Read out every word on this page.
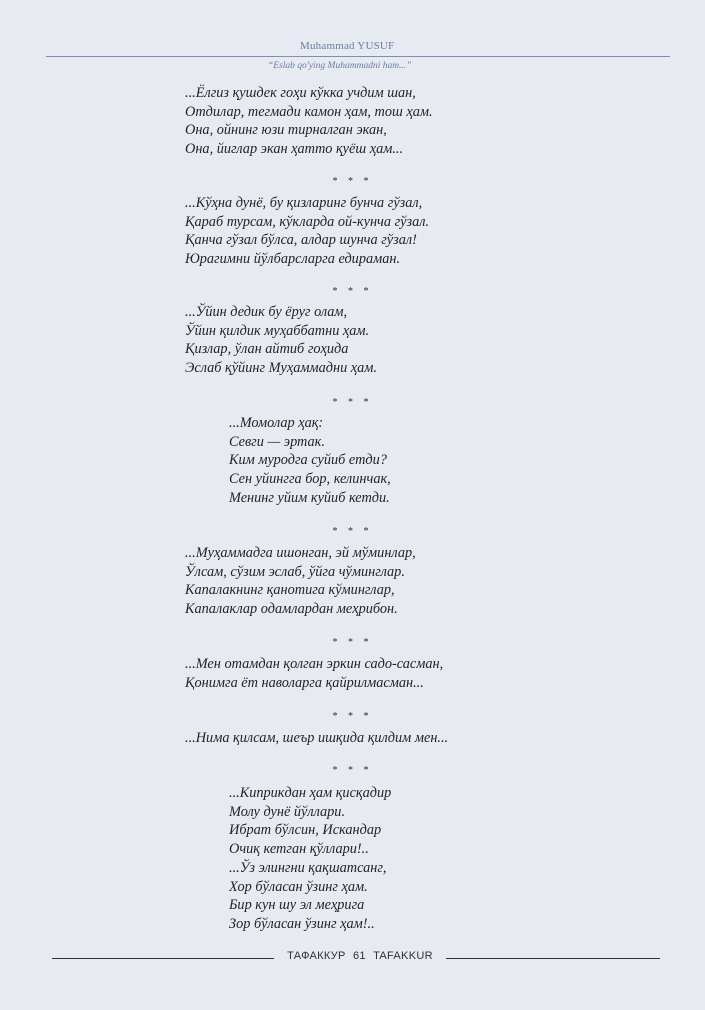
Muhammad YUSUF
“Eslab qo'ying Muhammadni ham...”
...Ёлгиз қушдек гоҳи кўкка учдим шан,
Отдилар, тегмади камон ҳам, тош ҳам.
Она, ойнинг юзи тирналган экан,
Она, йиглар экан ҳатто қуёш ҳам...
* * *
...Кўҳна дунё, бу қизларинг бунча гўзал,
Қараб турсам, кўкларда ой-кунча гўзал.
Қанча гўзал бўлса, алдар шунча гўзал!
Юрагимни йўлбарсларга едираман.
* * *
...Ўйин дедик бу ёруг олам,
Ўйин қилдик муҳаббатни ҳам.
Қизлар, ўлан айтиб гоҳида
Эслаб қўйинг Муҳаммадни ҳам.
* * *
...Момолар ҳақ:
Севги — эртак.
Ким муродга суйиб етди?
Сен уйингга бор, келинчак,
Менинг уйим куйиб кетди.
* * *
...Муҳаммадга ишонган, эй мўминлар,
Ўлсам, сўзим эслаб, ўйга чўминглар.
Капалакнинг қанотига кўминглар,
Капалаклар одамлардан меҳрибон.
* * *
...Мен отамдан қолган эркин садо-сасман,
Қонимга ёт наволарга қайрилмасман...
* * *
...Нима қилсам, шеър ишқида қилдим мен...
* * *
...Киприкдан ҳам қисқадир
Молу дунё йўллари.
Ибрат бўлсин, Искандар
Очиқ кетган қўллари!..
...Ўз элингни қақшатсанг,
Хор бўласан ўзинг ҳам.
Бир кун шу эл меҳрига
Зор бўласан ўзинг ҳам!..
ТАФАККУР 61 TAFAKKUR
